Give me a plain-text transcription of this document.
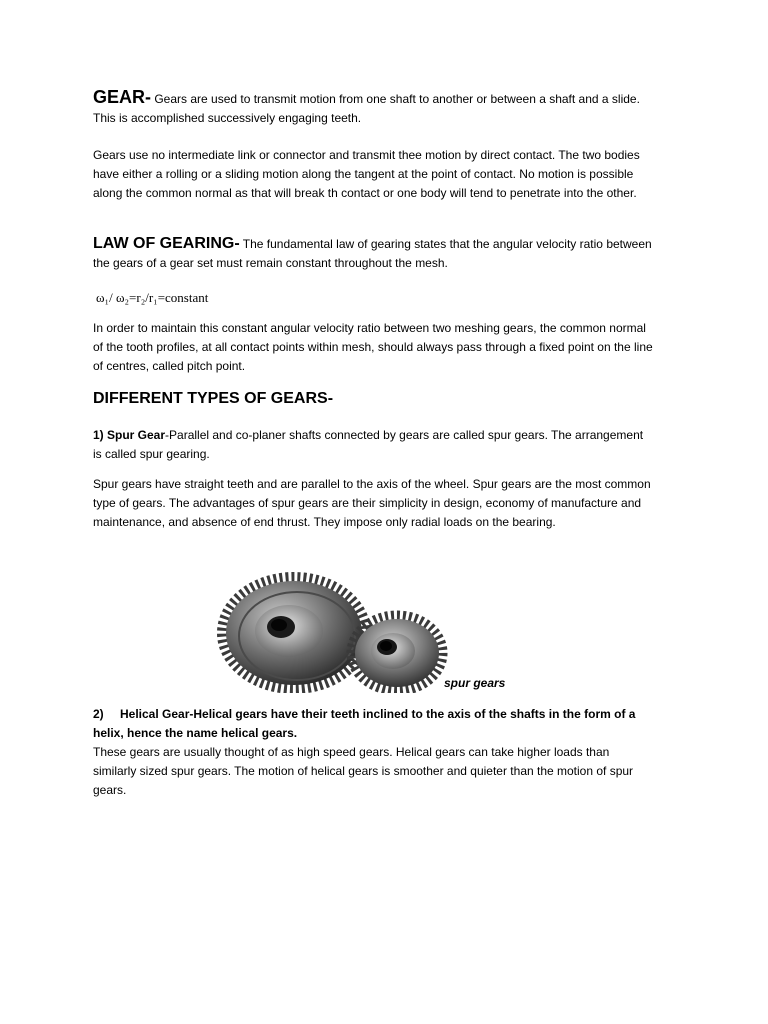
GEAR- Gears are used to transmit motion from one shaft to another or between a shaft and a slide. This is accomplished successively engaging teeth.

Gears use no intermediate link or connector and transmit thee motion by direct contact. The two bodies have either a rolling or a sliding motion along the tangent at the point of contact. No motion is possible along the common normal as that will break th contact or one body will tend to penetrate into the other.

LAW OF GEARING- The fundamental law of gearing states that the angular velocity ratio between the gears of a gear set must remain constant throughout the mesh.

ω₁/ ω₂=r₂/r₁=constant

In order to maintain this constant angular velocity ratio between two meshing gears, the common normal of the tooth profiles, at all contact points within mesh, should always pass through a fixed point on the line of centres, called pitch point.

DIFFERENT TYPES OF GEARS-

1) Spur Gear-Parallel and co-planer shafts connected by gears are called spur gears. The arrangement is called spur gearing.

Spur gears have straight teeth and are parallel to the axis of the wheel. Spur gears are the most common type of gears. The advantages of spur gears are their simplicity in design, economy of manufacture and maintenance, and absence of end thrust. They impose only radial loads on the bearing.

spur gears

2) Helical Gear-Helical gears have their teeth inclined to the axis of the shafts in the form of a helix, hence the name helical gears.
These gears are usually thought of as high speed gears. Helical gears can take higher loads than similarly sized spur gears. The motion of helical gears is smoother and quieter than the motion of spur gears.
